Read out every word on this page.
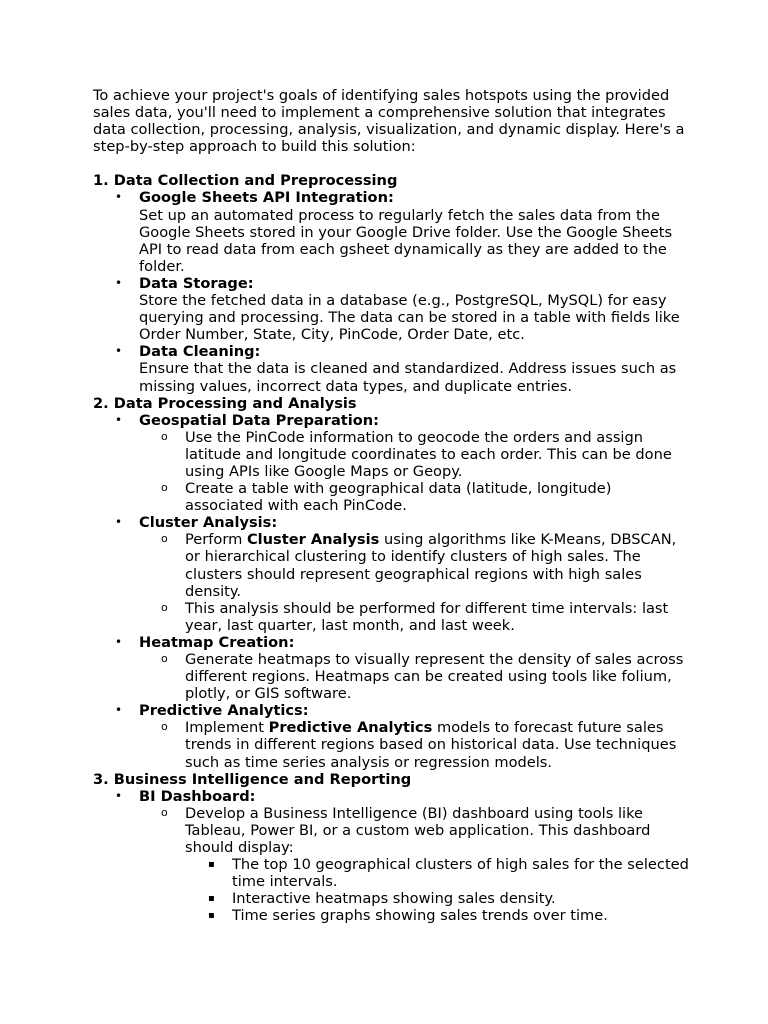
To achieve your project's goals of identifying sales hotspots using the provided sales data, you'll need to implement a comprehensive solution that integrates data collection, processing, analysis, visualization, and dynamic display. Here's a step-by-step approach to build this solution:

1. Data Collection and Preprocessing
• Google Sheets API Integration:
Set up an automated process to regularly fetch the sales data from the Google Sheets stored in your Google Drive folder. Use the Google Sheets API to read data from each gsheet dynamically as they are added to the folder.
• Data Storage:
Store the fetched data in a database (e.g., PostgreSQL, MySQL) for easy querying and processing. The data can be stored in a table with fields like Order Number, State, City, PinCode, Order Date, etc.
• Data Cleaning:
Ensure that the data is cleaned and standardized. Address issues such as missing values, incorrect data types, and duplicate entries.
2. Data Processing and Analysis
• Geospatial Data Preparation:
o Use the PinCode information to geocode the orders and assign latitude and longitude coordinates to each order. This can be done using APIs like Google Maps or Geopy.
o Create a table with geographical data (latitude, longitude) associated with each PinCode.
• Cluster Analysis:
o Perform Cluster Analysis using algorithms like K-Means, DBSCAN, or hierarchical clustering to identify clusters of high sales. The clusters should represent geographical regions with high sales density.
o This analysis should be performed for different time intervals: last year, last quarter, last month, and last week.
• Heatmap Creation:
o Generate heatmaps to visually represent the density of sales across different regions. Heatmaps can be created using tools like folium, plotly, or GIS software.
• Predictive Analytics:
o Implement Predictive Analytics models to forecast future sales trends in different regions based on historical data. Use techniques such as time series analysis or regression models.
3. Business Intelligence and Reporting
• BI Dashboard:
o Develop a Business Intelligence (BI) dashboard using tools like Tableau, Power BI, or a custom web application. This dashboard should display:
▪ The top 10 geographical clusters of high sales for the selected time intervals.
▪ Interactive heatmaps showing sales density.
▪ Time series graphs showing sales trends over time.
